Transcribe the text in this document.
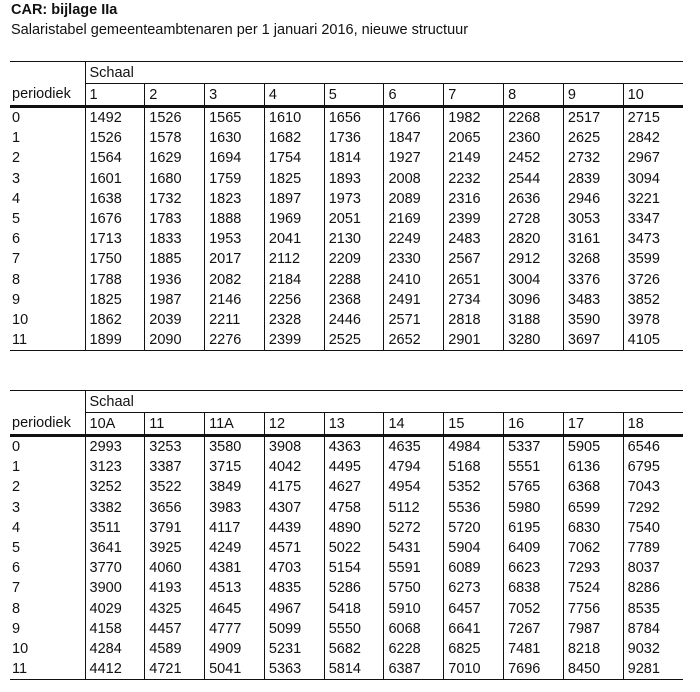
CAR: bijlage IIa
Salaristabel gemeenteambtenaren per 1 januari 2016, nieuwe structuur
	Schaal									
periodiek	1	2	3	4	5	6	7	8	9	10
0	1492	1526	1565	1610	1656	1766	1982	2268	2517	2715
1	1526	1578	1630	1682	1736	1847	2065	2360	2625	2842
2	1564	1629	1694	1754	1814	1927	2149	2452	2732	2967
3	1601	1680	1759	1825	1893	2008	2232	2544	2839	3094
4	1638	1732	1823	1897	1973	2089	2316	2636	2946	3221
5	1676	1783	1888	1969	2051	2169	2399	2728	3053	3347
6	1713	1833	1953	2041	2130	2249	2483	2820	3161	3473
7	1750	1885	2017	2112	2209	2330	2567	2912	3268	3599
8	1788	1936	2082	2184	2288	2410	2651	3004	3376	3726
9	1825	1987	2146	2256	2368	2491	2734	3096	3483	3852
10	1862	2039	2211	2328	2446	2571	2818	3188	3590	3978
11	1899	2090	2276	2399	2525	2652	2901	3280	3697	4105
	Schaal									
periodiek	10A	11	11A	12	13	14	15	16	17	18
0	2993	3253	3580	3908	4363	4635	4984	5337	5905	6546
1	3123	3387	3715	4042	4495	4794	5168	5551	6136	6795
2	3252	3522	3849	4175	4627	4954	5352	5765	6368	7043
3	3382	3656	3983	4307	4758	5112	5536	5980	6599	7292
4	3511	3791	4117	4439	4890	5272	5720	6195	6830	7540
5	3641	3925	4249	4571	5022	5431	5904	6409	7062	7789
6	3770	4060	4381	4703	5154	5591	6089	6623	7293	8037
7	3900	4193	4513	4835	5286	5750	6273	6838	7524	8286
8	4029	4325	4645	4967	5418	5910	6457	7052	7756	8535
9	4158	4457	4777	5099	5550	6068	6641	7267	7987	8784
10	4284	4589	4909	5231	5682	6228	6825	7481	8218	9032
11	4412	4721	5041	5363	5814	6387	7010	7696	8450	9281
